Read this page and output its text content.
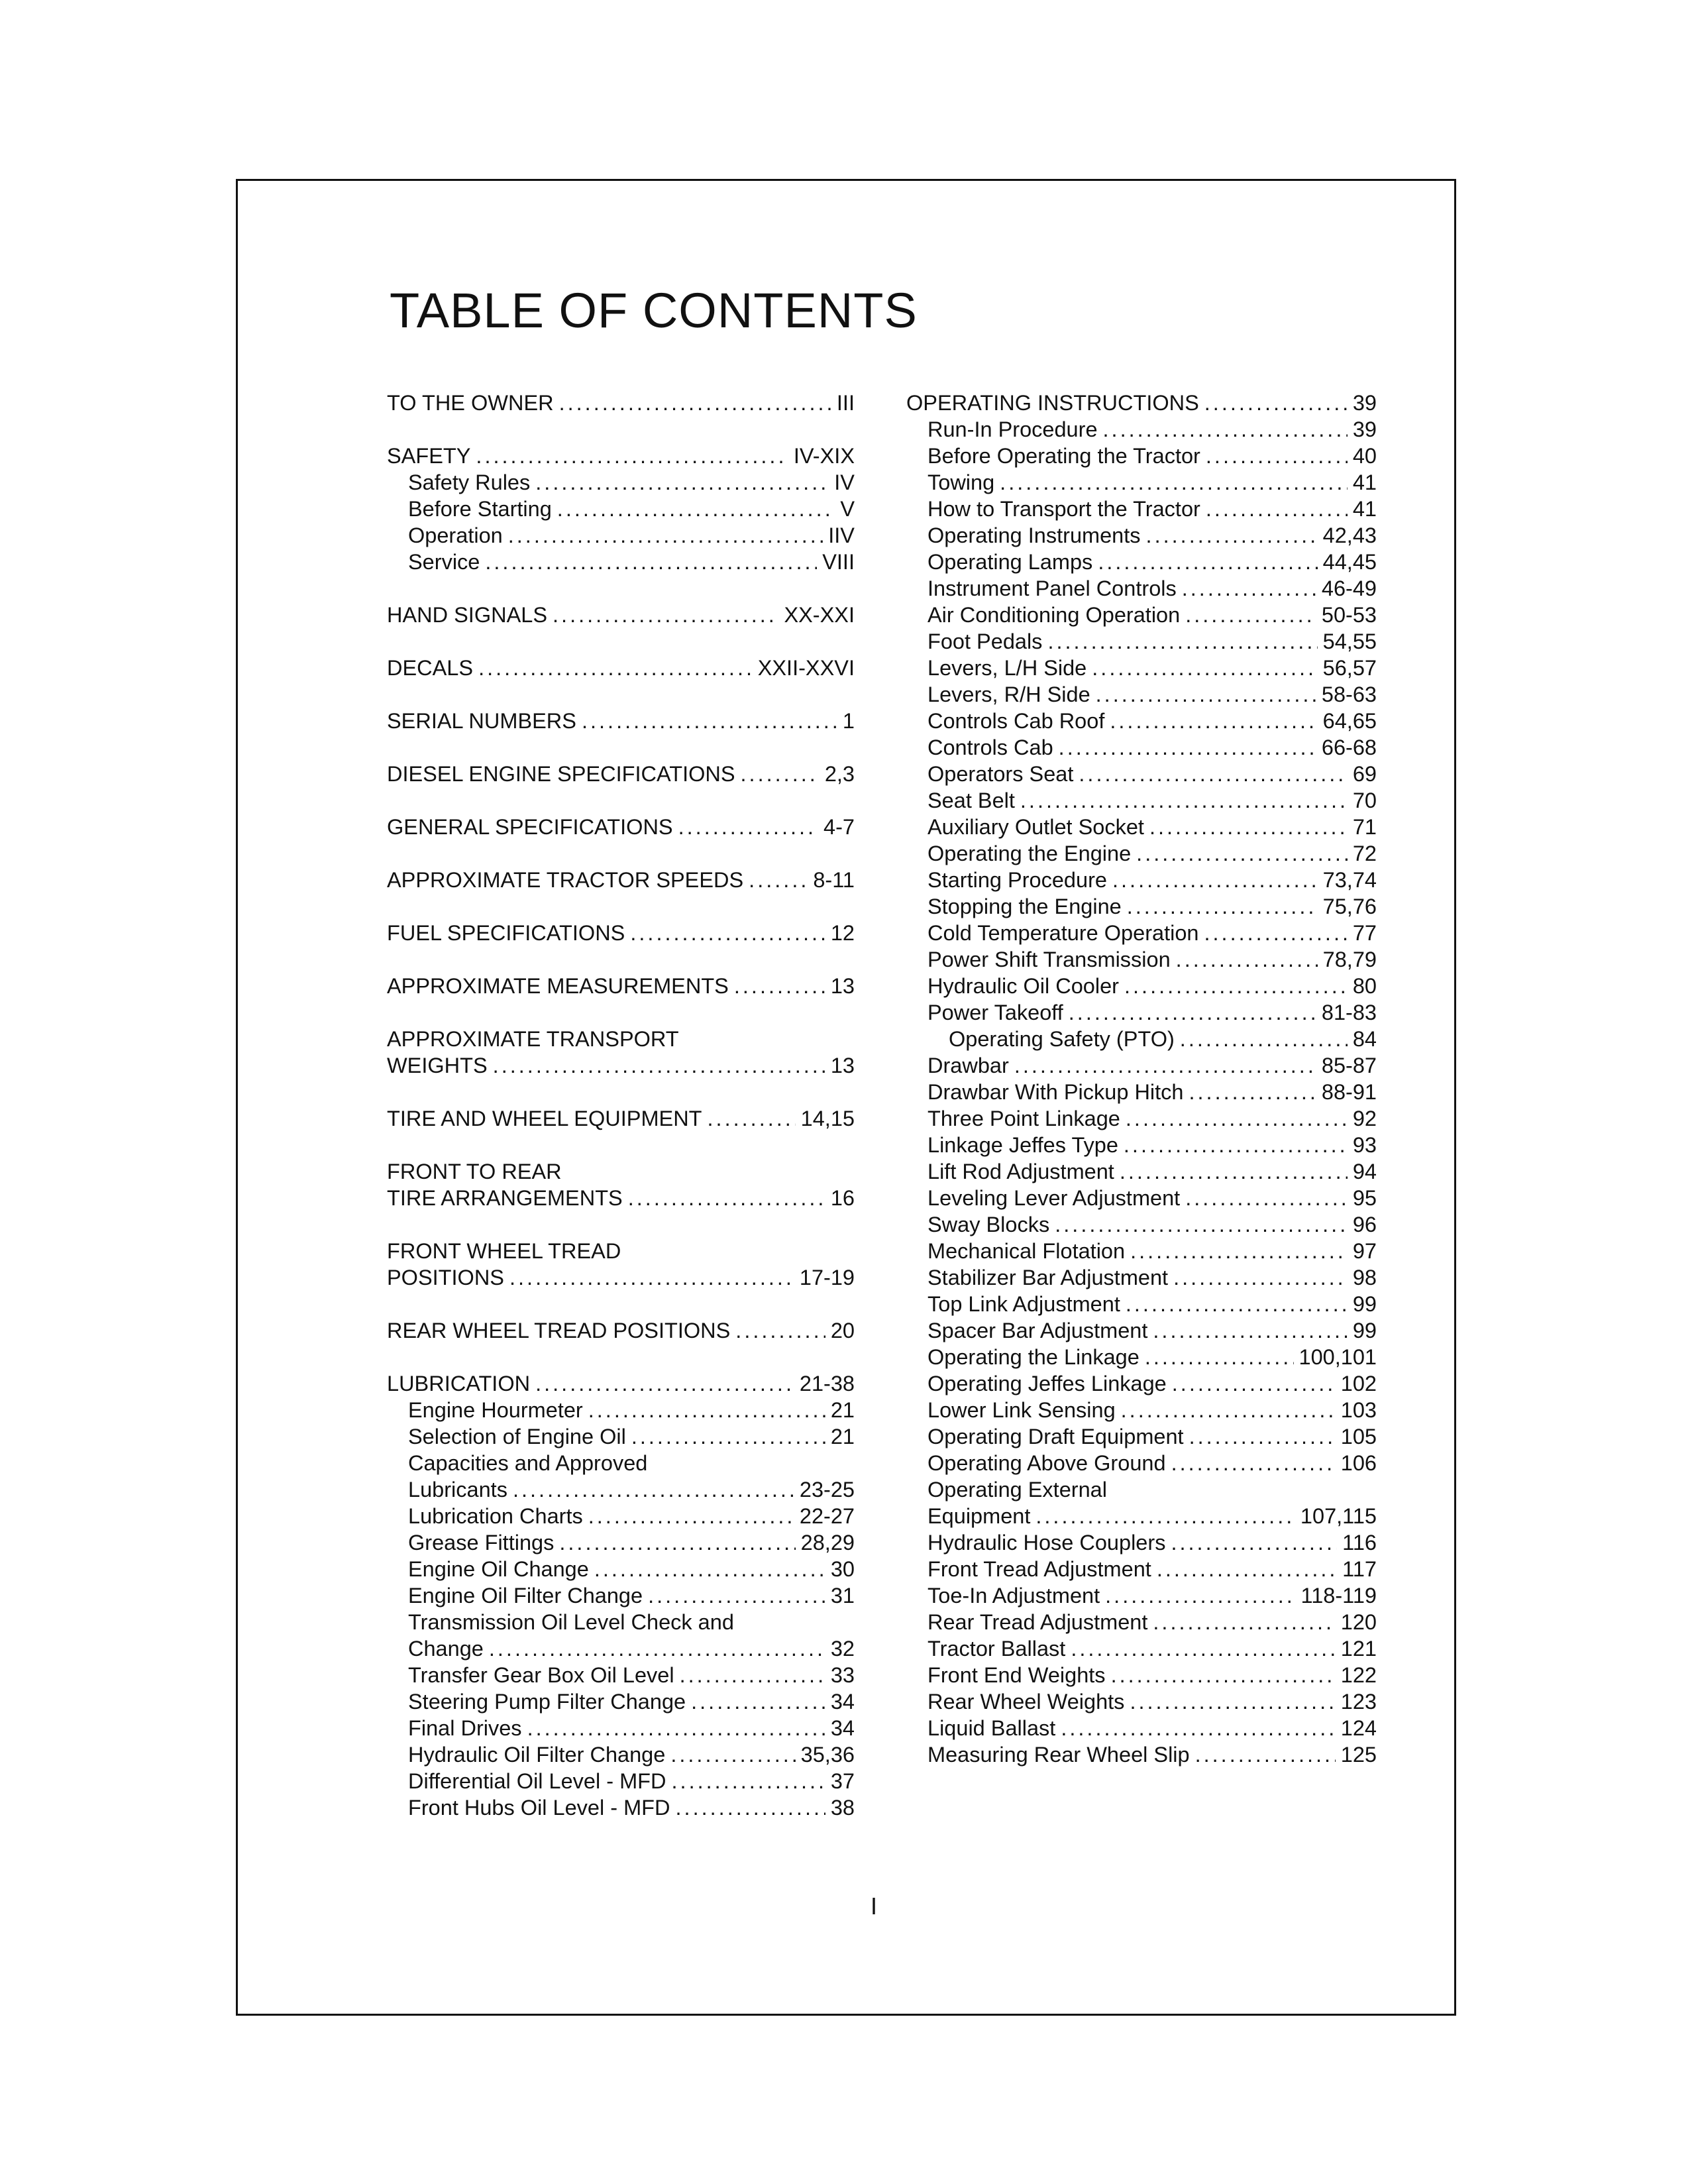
TABLE OF CONTENTS
TO THE OWNER .....	III
SAFETY .....	IV-XIX
Safety Rules .....	IV
Before Starting .....	V
Operation .....	IIV
Service .....	VIII
HAND SIGNALS .....	XX-XXI
DECALS .....	XXII-XXVI
SERIAL NUMBERS .....	1
DIESEL ENGINE SPECIFICATIONS .....	2,3
GENERAL SPECIFICATIONS .....	4-7
APPROXIMATE TRACTOR SPEEDS .....	8-11
FUEL SPECIFICATIONS .....	12
APPROXIMATE MEASUREMENTS .....	13
APPROXIMATE TRANSPORT
WEIGHTS .....	13
TIRE AND WHEEL EQUIPMENT .....	14,15
FRONT TO REAR
TIRE ARRANGEMENTS .....	16
FRONT WHEEL TREAD
POSITIONS .....	17-19
REAR WHEEL TREAD POSITIONS .....	20
LUBRICATION .....	21-38
Engine Hourmeter .....	21
Selection of Engine Oil .....	21
Capacities and Approved
Lubricants .....	23-25
Lubrication Charts .....	22-27
Grease Fittings .....	28,29
Engine Oil Change .....	30
Engine Oil Filter Change .....	31
Transmission Oil Level Check and
Change .....	32
Transfer Gear Box Oil Level .....	33
Steering Pump Filter Change .....	34
Final Drives .....	34
Hydraulic Oil Filter Change .....	35,36
Differential Oil Level - MFD .....	37
Front Hubs Oil Level - MFD .....	38
OPERATING INSTRUCTIONS .....	39
Run-In Procedure .....	39
Before Operating the Tractor .....	40
Towing .....	41
How to Transport the Tractor .....	41
Operating Instruments .....	42,43
Operating Lamps .....	44,45
Instrument Panel Controls .....	46-49
Air Conditioning Operation .....	50-53
Foot Pedals .....	54,55
Levers, L/H Side .....	56,57
Levers, R/H Side .....	58-63
Controls Cab Roof .....	64,65
Controls Cab .....	66-68
Operators Seat .....	69
Seat Belt .....	70
Auxiliary Outlet Socket .....	71
Operating the Engine .....	72
Starting Procedure .....	73,74
Stopping the Engine .....	75,76
Cold Temperature Operation .....	77
Power Shift Transmission .....	78,79
Hydraulic Oil Cooler .....	80
Power Takeoff .....	81-83
Operating Safety (PTO) .....	84
Drawbar .....	85-87
Drawbar With Pickup Hitch .....	88-91
Three Point Linkage .....	92
Linkage Jeffes Type .....	93
Lift Rod Adjustment .....	94
Leveling Lever Adjustment .....	95
Sway Blocks .....	96
Mechanical Flotation .....	97
Stabilizer Bar Adjustment .....	98
Top Link Adjustment .....	99
Spacer Bar Adjustment .....	99
Operating the Linkage .....	100,101
Operating Jeffes Linkage .....	102
Lower Link Sensing .....	103
Operating Draft Equipment .....	105
Operating Above Ground .....	106
Operating External
Equipment .....	107,115
Hydraulic Hose Couplers .....	116
Front Tread Adjustment .....	117
Toe-In Adjustment .....	118-119
Rear Tread Adjustment .....	120
Tractor Ballast .....	121
Front End Weights .....	122
Rear Wheel Weights .....	123
Liquid Ballast .....	124
Measuring Rear Wheel Slip .....	125
I
